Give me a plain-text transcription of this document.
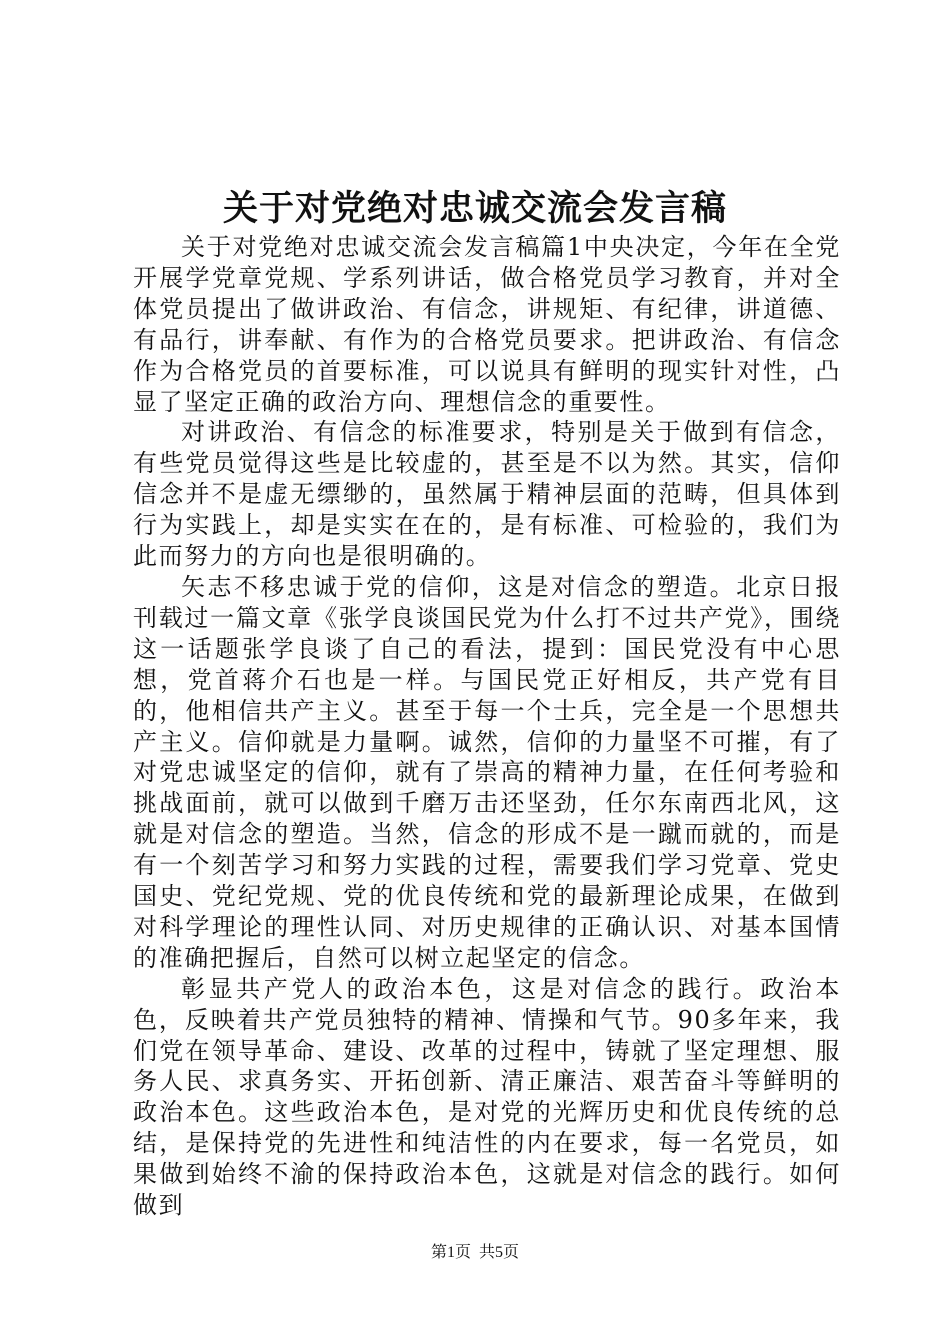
关于对党绝对忠诚交流会发言稿

关于对党绝对忠诚交流会发言稿篇1中央决定，今年在全党开展学党章党规、学系列讲话，做合格党员学习教育，并对全体党员提出了做讲政治、有信念，讲规矩、有纪律，讲道德、有品行，讲奉献、有作为的合格党员要求。把讲政治、有信念作为合格党员的首要标准，可以说具有鲜明的现实针对性，凸显了坚定正确的政治方向、理想信念的重要性。

对讲政治、有信念的标准要求，特别是关于做到有信念，有些党员觉得这些是比较虚的，甚至是不以为然。其实，信仰信念并不是虚无缥缈的，虽然属于精神层面的范畴，但具体到行为实践上，却是实实在在的，是有标准、可检验的，我们为此而努力的方向也是很明确的。

矢志不移忠诚于党的信仰，这是对信念的塑造。北京日报刊载过一篇文章《张学良谈国民党为什么打不过共产党》，围绕这一话题张学良谈了自己的看法，提到：国民党没有中心思想，党首蒋介石也是一样。与国民党正好相反，共产党有目的，他相信共产主义。甚至于每一个士兵，完全是一个思想共产主义。信仰就是力量啊。诚然，信仰的力量坚不可摧，有了对党忠诚坚定的信仰，就有了崇高的精神力量，在任何考验和挑战面前，就可以做到千磨万击还坚劲，任尔东南西北风，这就是对信念的塑造。当然，信念的形成不是一蹴而就的，而是有一个刻苦学习和努力实践的过程，需要我们学习党章、党史国史、党纪党规、党的优良传统和党的最新理论成果，在做到对科学理论的理性认同、对历史规律的正确认识、对基本国情的准确把握后，自然可以树立起坚定的信念。

彰显共产党人的政治本色，这是对信念的践行。政治本色，反映着共产党员独特的精神、情操和气节。90多年来，我们党在领导革命、建设、改革的过程中，铸就了坚定理想、服务人民、求真务实、开拓创新、清正廉洁、艰苦奋斗等鲜明的政治本色。这些政治本色，是对党的光辉历史和优良传统的总结，是保持党的先进性和纯洁性的内在要求，每一名党员，如果做到始终不渝的保持政治本色，这就是对信念的践行。如何做到

第1页  共5页
